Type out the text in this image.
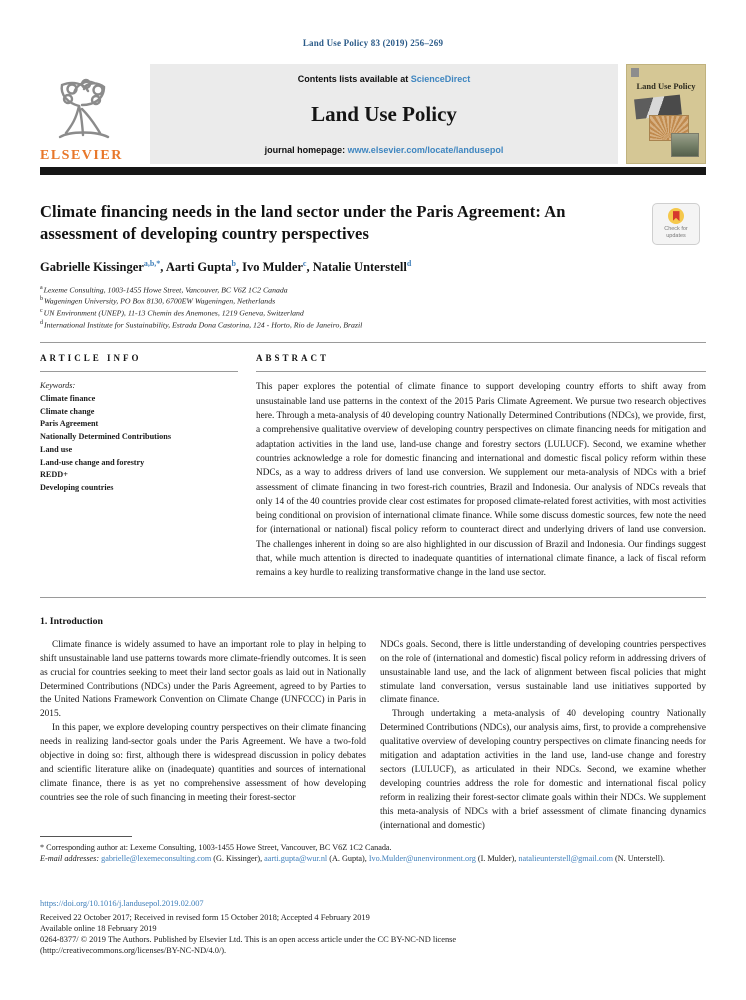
Land Use Policy 83 (2019) 256–269
ELSEVIER
Contents lists available at ScienceDirect
Land Use Policy
journal homepage: www.elsevier.com/locate/landusepol
Land Use Policy
Climate financing needs in the land sector under the Paris Agreement: An assessment of developing country perspectives	Check for
updates
Gabrielle Kissinger$^{a,b,*}$, Aarti Gupta$^b$, Ivo Mulder$^c$, Natalie Unterstell$^d$
$^a$Lexeme Consulting, 1003-1455 Howe Street, Vancouver, BC V6Z 1C2 Canada
$^b$Wageningen University, PO Box 8130, 6700EW Wageningen, Netherlands
$^c$UN Environment (UNEP), 11-13 Chemin des Anemones, 1219 Geneva, Switzerland
$^d$International Institute for Sustainability, Estrada Dona Castorina, 124 - Horto, Rio de Janeiro, Brazil
ARTICLE INFO
Keywords:
Climate finance
Climate change
Paris Agreement
Nationally Determined Contributions
Land use
Land-use change and forestry
REDD+
Developing countries
ABSTRACT

This paper explores the potential of climate finance to support developing country efforts to shift away from unsustainable land use patterns in the context of the 2015 Paris Climate Agreement. We pursue two research objectives here. Through a meta-analysis of 40 developing country Nationally Determined Contributions (NDCs), we provide, first, a comprehensive qualitative overview of developing country perspectives on climate financing needs for mitigation and adaptation activities in the land use, land-use change and forestry sectors (LULUCF). Second, we examine whether countries acknowledge a role for domestic financing and international and domestic fiscal policy reform within these NDCs, as a way to address drivers of land use conversion. We supplement our meta-analysis of NDCs with a brief assessment of climate financing in two forest-rich countries, Brazil and Indonesia. Our analysis of NDCs reveals that only 14 of the 40 countries provide clear cost estimates for proposed climate-related forest activities, with most activities being conditional on provision of international climate finance. While some discuss domestic sources, few note the need for (international or national) fiscal policy reform to counteract direct and underlying drivers of land use conversion. The challenges inherent in doing so are also highlighted in our discussion of Brazil and Indonesia. Our findings suggest that, while much attention is directed to inadequate quantities of international climate finance, a lack of fiscal reform remains a key hurdle to realizing transformative change in the land use sector.

1. Introduction

Climate finance is widely assumed to have an important role to play in helping to shift unsustainable land use patterns towards more climate-friendly outcomes. It is seen as crucial for countries seeking to meet their land sector goals as laid out in Nationally Determined Contributions (NDCs) under the Paris Agreement, agreed to by Parties to the United Nations Framework Convention on Climate Change (UNFCCC) in Paris in 2015.

In this paper, we explore developing country perspectives on their climate financing needs in realizing land-sector goals under the Paris Agreement. We have a two-fold objective in doing so: first, although there is widespread discussion in policy debates and scientific literature alike on (inadequate) quantities and sources of international climate finance, there is as yet no comprehensive assessment of how developing countries see the role of such financing in meeting their forest-sector

NDCs goals. Second, there is little understanding of developing countries perspectives on the role of (international and domestic) fiscal policy reform in addressing drivers of unsustainable land use, and the lack of alignment between fiscal policies that might stimulate land conversation, versus sustainable land use initiatives supported by climate finance.

Through undertaking a meta-analysis of 40 developing country Nationally Determined Contributions (NDCs), our analysis aims, first, to provide a comprehensive qualitative overview of developing country perspectives on climate financing needs for mitigation and adaptation activities in the land use, land-use change and forestry sectors (LULUCF), as articulated in their NDCs. Second, we examine whether developing countries address the role for domestic and international fiscal policy reform in realizing their forest-sector climate goals within their NDCs. We supplement this meta-analysis of NDCs with a brief assessment of climate financing dynamics (international and domestic)

* Corresponding author at: Lexeme Consulting, 1003-1455 Howe Street, Vancouver, BC V6Z 1C2 Canada.

E-mail addresses: gabrielle@lexemeconsulting.com (G. Kissinger), aarti.gupta@wur.nl (A. Gupta), Ivo.Mulder@unenvironment.org (I. Mulder), natalieunterstell@gmail.com (N. Unterstell).

https://doi.org/10.1016/j.landusepol.2019.02.007
Received 22 October 2017; Received in revised form 15 October 2018; Accepted 4 February 2019
Available online 18 February 2019
0264-8377/ © 2019 The Authors. Published by Elsevier Ltd. This is an open access article under the CC BY-NC-ND license
(http://creativecommons.org/licenses/BY-NC-ND/4.0/).
